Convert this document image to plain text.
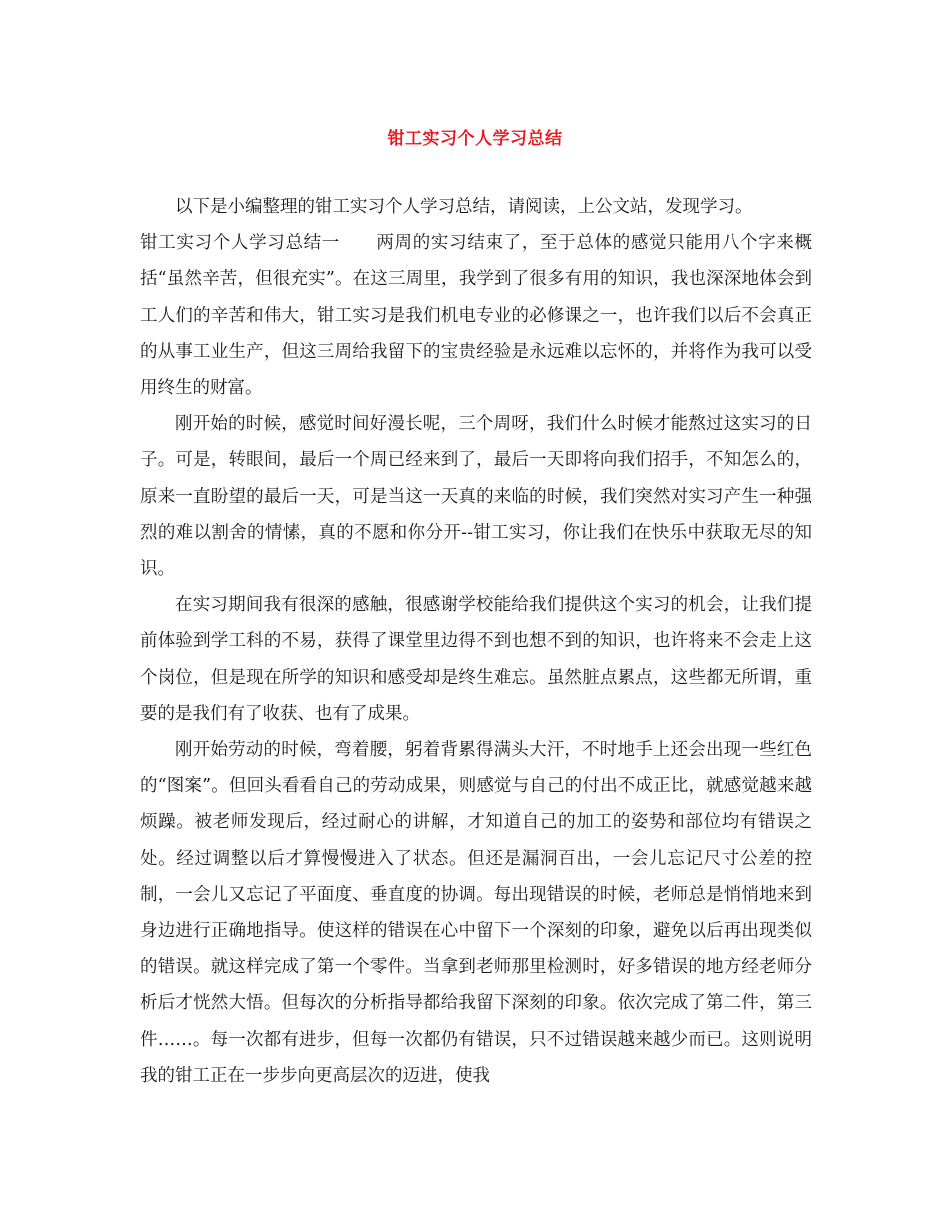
钳工实习个人学习总结

以下是小编整理的钳工实习个人学习总结，请阅读，上公文站，发现学习。

钳工实习个人学习总结一　　 两周的实习结束了，至于总体的感觉只能用八个字来概括“虽然辛苦，但很充实”。在这三周里，我学到了很多有用的知识，我也深深地体会到工人们的辛苦和伟大，钳工实习是我们机电专业的必修课之一，也许我们以后不会真正的从事工业生产，但这三周给我留下的宝贵经验是永远难以忘怀的，并将作为我可以受用终生的财富。

刚开始的时候，感觉时间好漫长呢，三个周呀，我们什么时候才能熬过这实习的日子。可是，转眼间，最后一个周已经来到了，最后一天即将向我们招手，不知怎么的，原来一直盼望的最后一天，可是当这一天真的来临的时候，我们突然对实习产生一种强烈的难以割舍的情愫，真的不愿和你分开--钳工实习，你让我们在快乐中获取无尽的知识。

在实习期间我有很深的感触，很感谢学校能给我们提供这个实习的机会，让我们提前体验到学工科的不易，获得了课堂里边得不到也想不到的知识，也许将来不会走上这个岗位，但是现在所学的知识和感受却是终生难忘。虽然脏点累点，这些都无所谓，重要的是我们有了收获、也有了成果。

刚开始劳动的时候，弯着腰，躬着背累得满头大汗，不时地手上还会出现一些红色的“图案”。但回头看看自己的劳动成果，则感觉与自己的付出不成正比，就感觉越来越烦躁。被老师发现后，经过耐心的讲解，才知道自己的加工的姿势和部位均有错误之处。经过调整以后才算慢慢进入了状态。但还是漏洞百出，一会儿忘记尺寸公差的控制，一会儿又忘记了平面度、垂直度的协调。每出现错误的时候，老师总是悄悄地来到身边进行正确地指导。使这样的错误在心中留下一个深刻的印象，避免以后再出现类似的错误。就这样完成了第一个零件。当拿到老师那里检测时，好多错误的地方经老师分析后才恍然大悟。但每次的分析指导都给我留下深刻的印象。依次完成了第二件，第三件……。每一次都有进步，但每一次都仍有错误，只不过错误越来越少而已。这则说明我的钳工正在一步步向更高层次的迈进，使我
